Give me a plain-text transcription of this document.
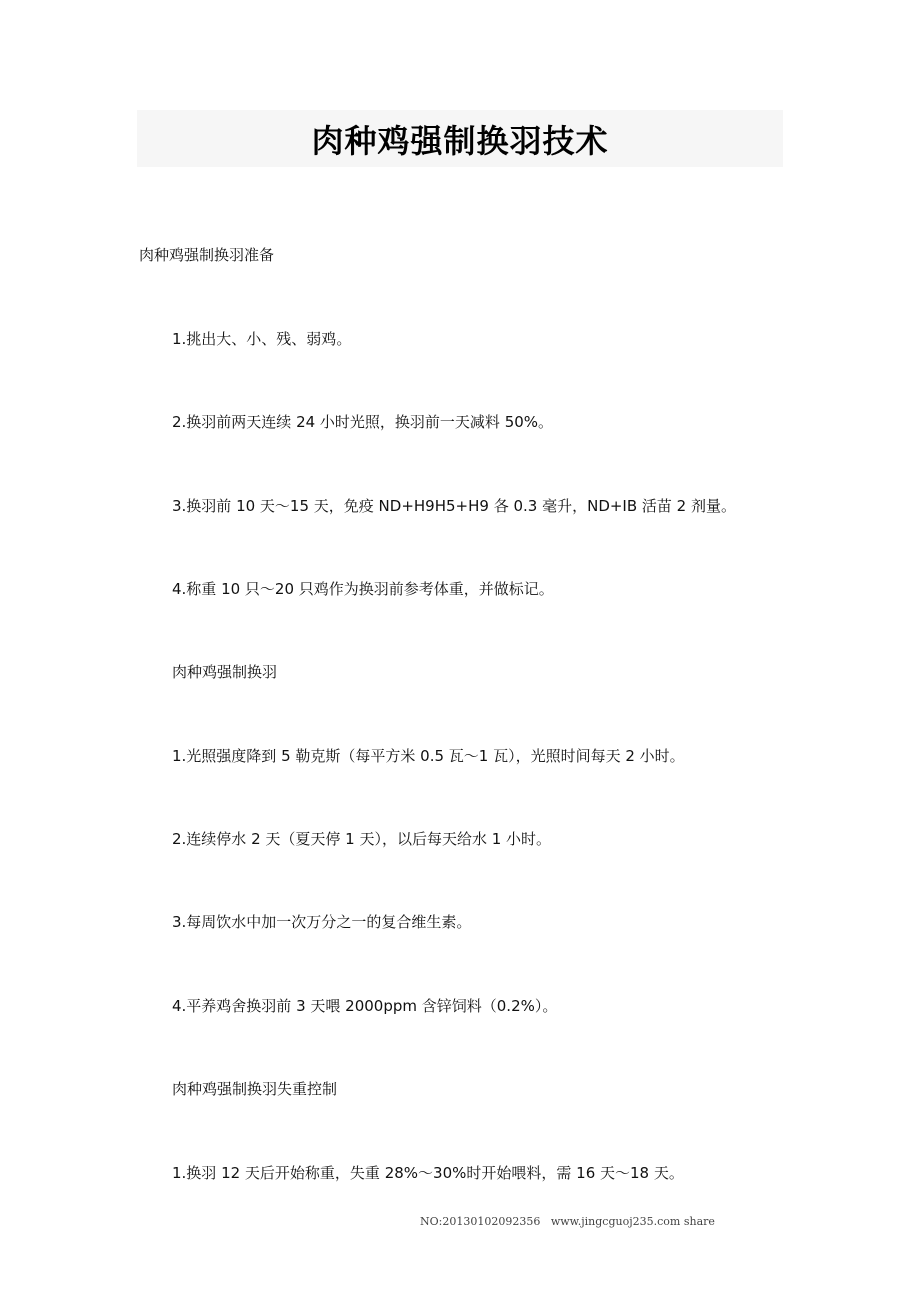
肉种鸡强制换羽技术
肉种鸡强制换羽准备
1.挑出大、小、残、弱鸡。
2.换羽前两天连续 24 小时光照，换羽前一天减料 50%。
3.换羽前 10 天～15 天，免疫 ND+H9H5+H9 各 0.3 毫升，ND+IB 活苗 2 剂量。
4.称重 10 只～20 只鸡作为换羽前参考体重，并做标记。
肉种鸡强制换羽
1.光照强度降到 5 勒克斯（每平方米 0.5 瓦～1 瓦），光照时间每天 2 小时。
2.连续停水 2 天（夏天停 1 天），以后每天给水 1 小时。
3.每周饮水中加一次万分之一的复合维生素。
4.平养鸡舍换羽前 3 天喂 2000ppm 含锌饲料（0.2%）。
肉种鸡强制换羽失重控制
1.换羽 12 天后开始称重，失重 28%～30%时开始喂料，需 16 天～18 天。
NO:20130102092356   www.jingcguoj235.com share
